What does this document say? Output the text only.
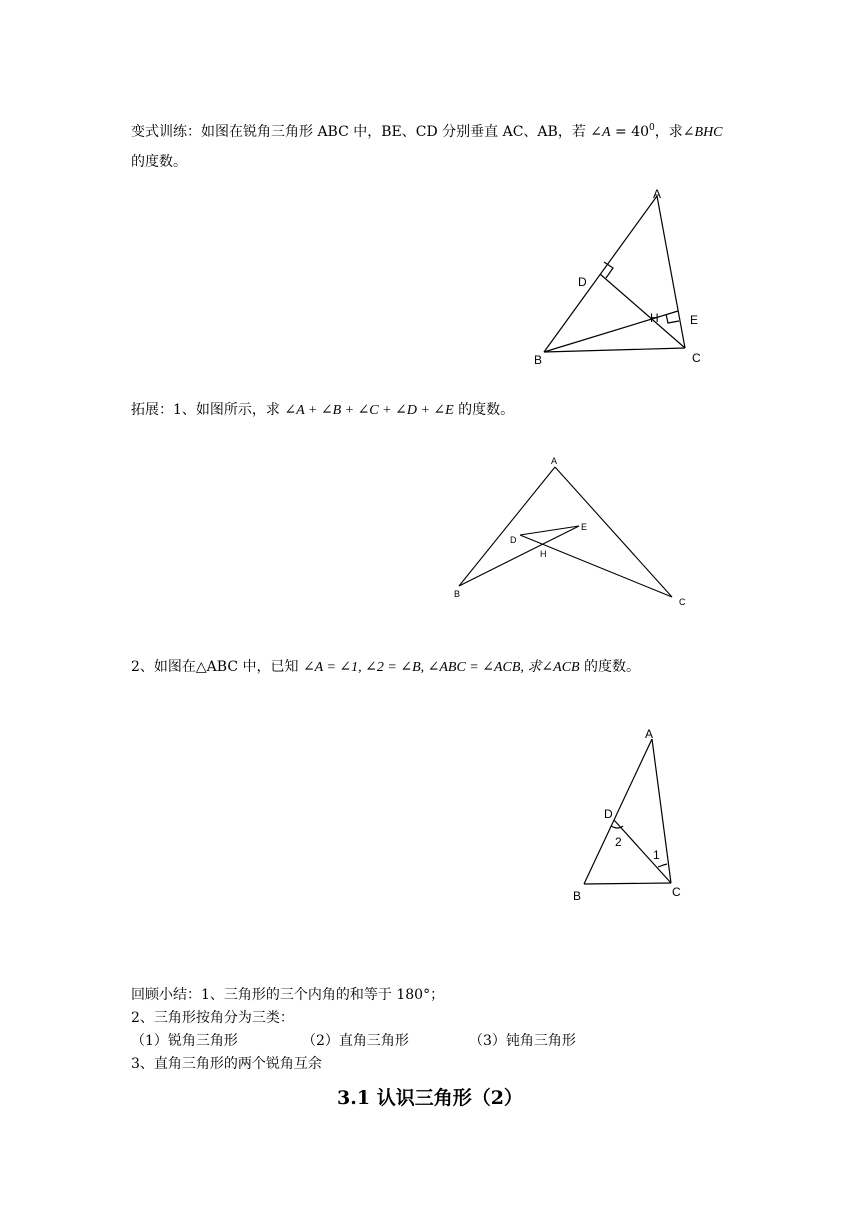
变式训练：如图在锐角三角形 ABC 中，BE、CD 分别垂直 AC、AB，若 ∠A = $40^0$，求∠BHC
的度数。
A
D
H	E
B	C
拓展：1、如图所示，求 ∠A + ∠B + ∠C + ∠D + ∠E 的度数。
A
E
D
H
B
C
2、如图在△ABC 中，已知 ∠A = ∠1, ∠2 = ∠B, ∠ABC = ∠ACB, 求∠ACB 的度数。
A
D
2
1
B	C
回顾小结：1、三角形的三个内角的和等于 180°；
2、三角形按角分为三类：
（1）锐角三角形	（2）直角三角形	（3）钝角三角形
3、直角三角形的两个锐角互余
3.1 认识三角形（2）
